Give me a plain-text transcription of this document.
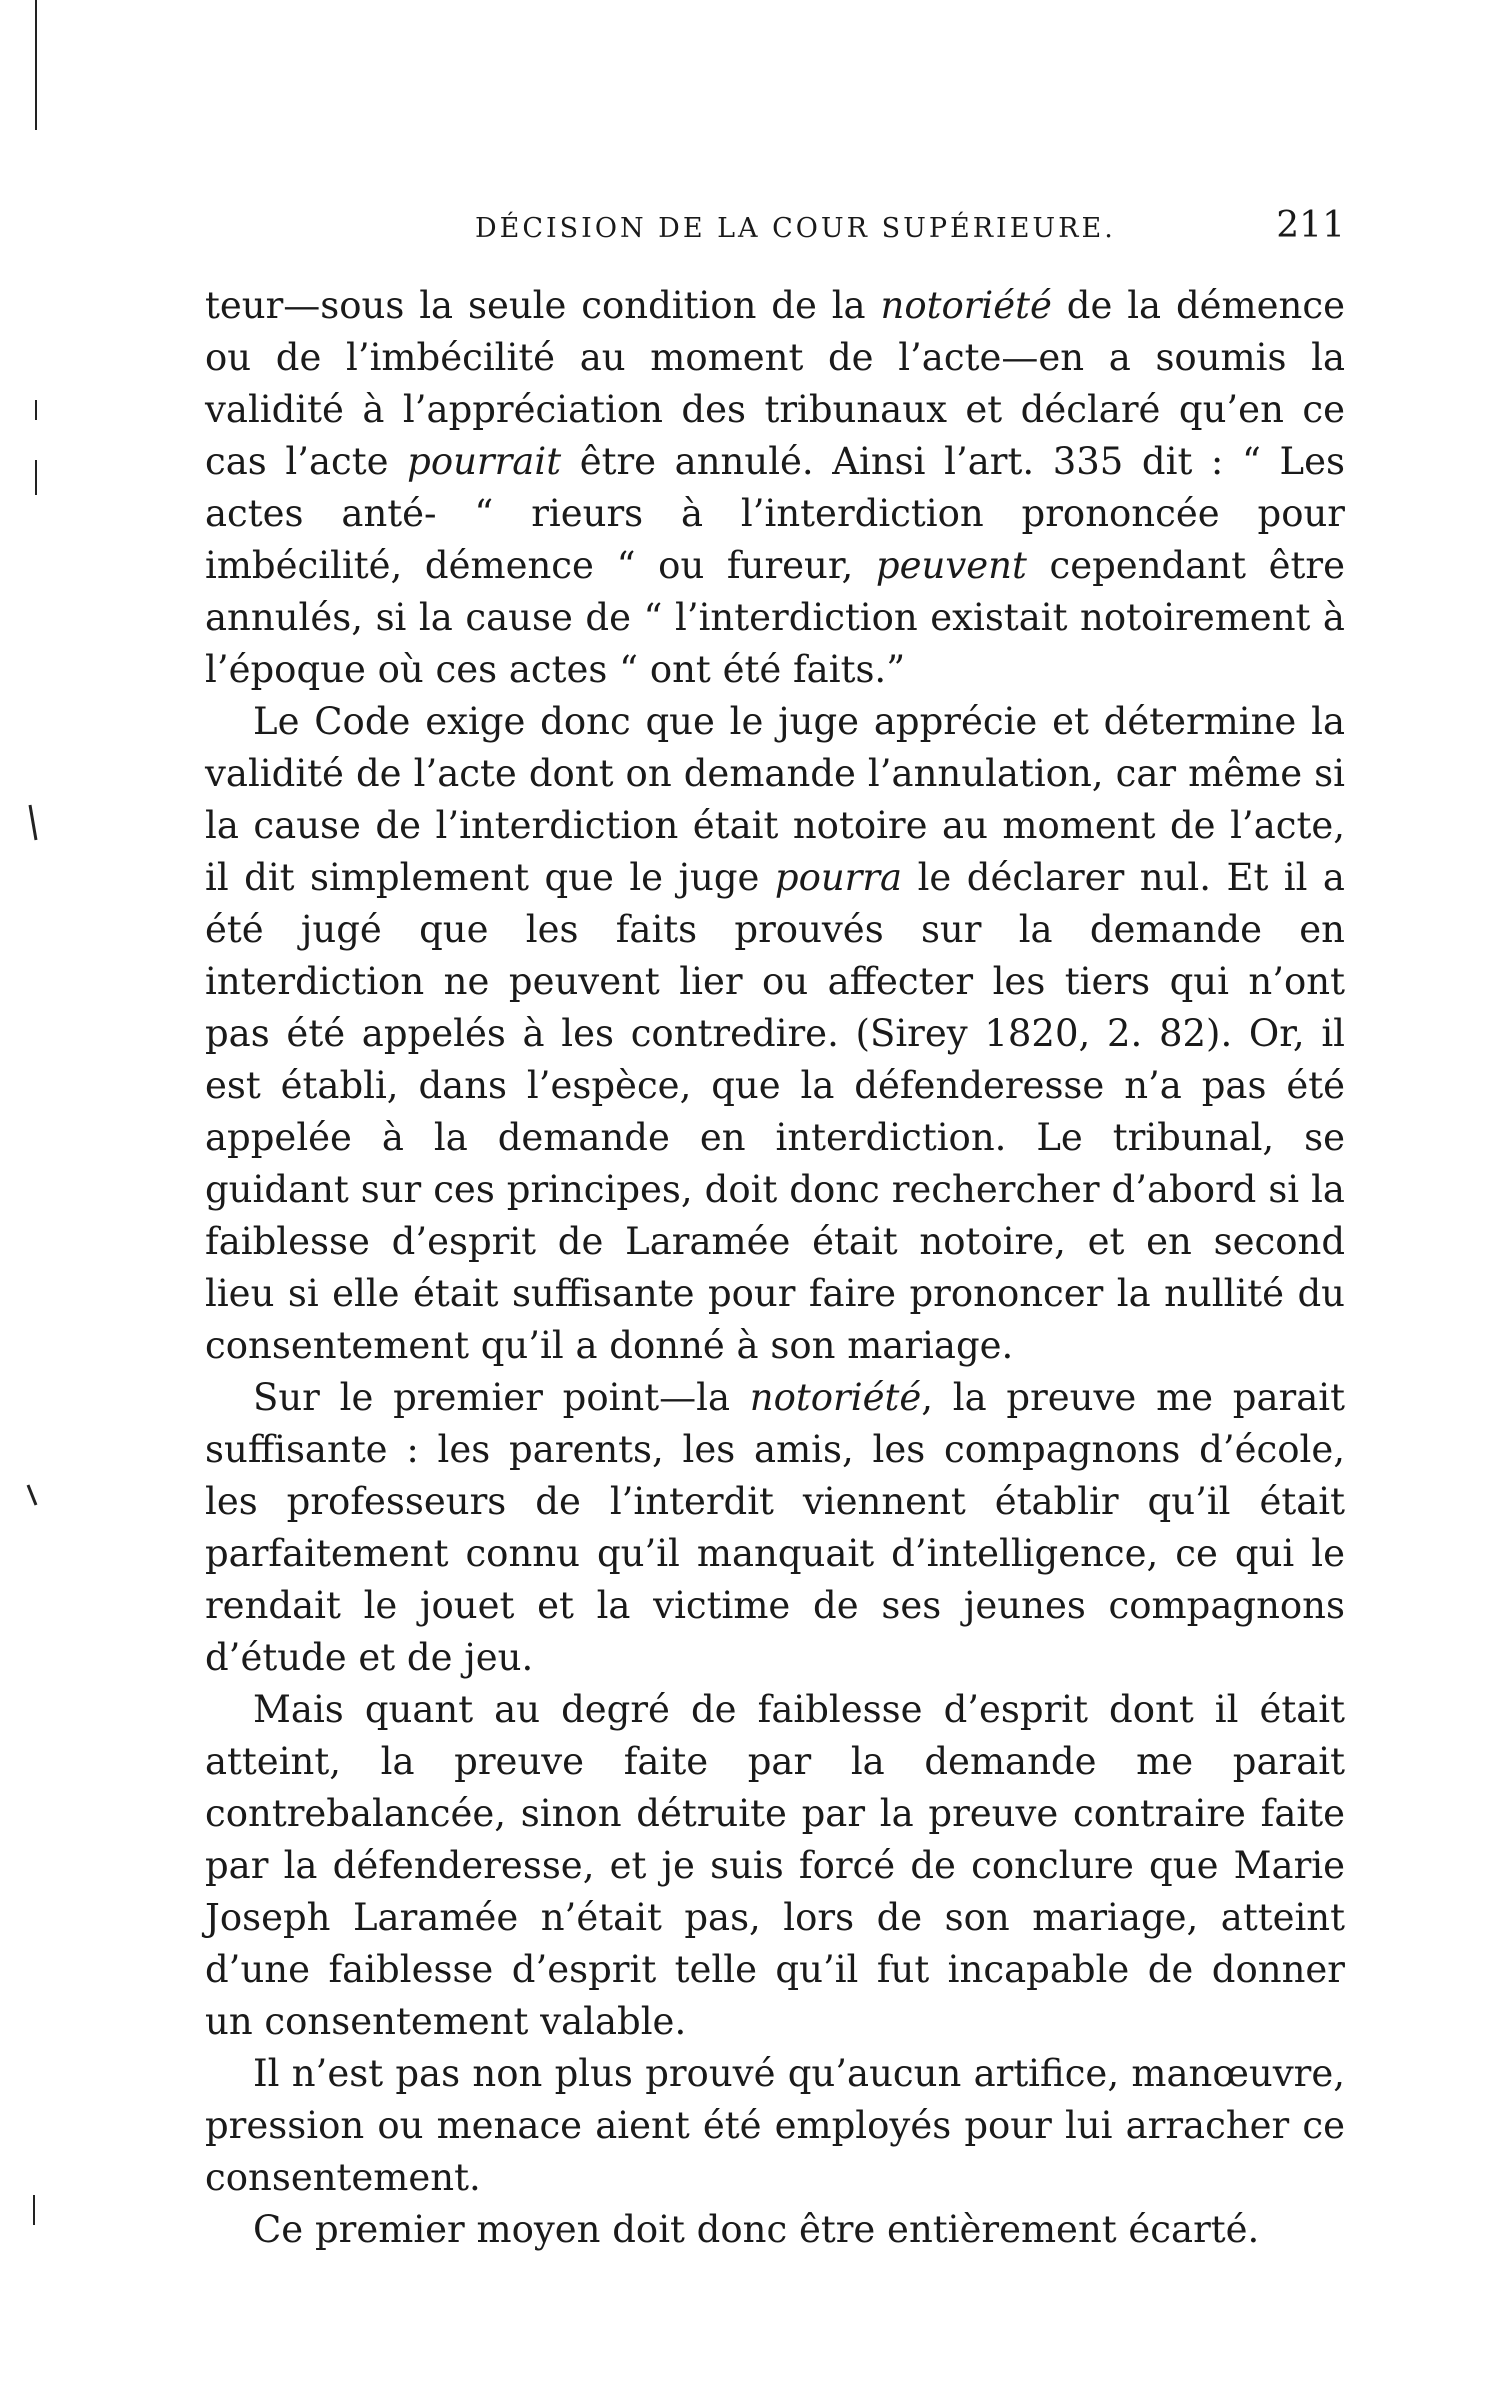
DÉCISION DE LA COUR SUPÉRIEURE.	211

teur—sous la seule condition de la notoriété de la démence ou de l’imbécilité au moment de l’acte—en a soumis la validité à l’appréciation des tribunaux et déclaré qu’en ce cas l’acte pourrait être annulé. Ainsi l’art. 335 dit : “ Les actes anté- “ rieurs à l’interdiction prononcée pour imbécilité, démence “ ou fureur, peuvent cependant être annulés, si la cause de “ l’interdiction existait notoirement à l’époque où ces actes “ ont été faits.”

Le Code exige donc que le juge apprécie et détermine la validité de l’acte dont on demande l’annulation, car même si la cause de l’interdiction était notoire au moment de l’acte, il dit simplement que le juge pourra le déclarer nul. Et il a été jugé que les faits prouvés sur la demande en interdiction ne peuvent lier ou affecter les tiers qui n’ont pas été appelés à les contredire. (Sirey 1820, 2. 82). Or, il est établi, dans l’espèce, que la défenderesse n’a pas été appelée à la demande en interdiction. Le tribunal, se guidant sur ces principes, doit donc rechercher d’abord si la faiblesse d’esprit de Laramée était notoire, et en second lieu si elle était suffisante pour faire prononcer la nullité du consentement qu’il a donné à son mariage.

Sur le premier point—la notoriété, la preuve me parait suffisante : les parents, les amis, les compagnons d’école, les professeurs de l’interdit viennent établir qu’il était parfaitement connu qu’il manquait d’intelligence, ce qui le rendait le jouet et la victime de ses jeunes compagnons d’étude et de jeu.

Mais quant au degré de faiblesse d’esprit dont il était atteint, la preuve faite par la demande me parait contrebalancée, sinon détruite par la preuve contraire faite par la défenderesse, et je suis forcé de conclure que Marie Joseph Laramée n’était pas, lors de son mariage, atteint d’une faiblesse d’esprit telle qu’il fut incapable de donner un consentement valable.

Il n’est pas non plus prouvé qu’aucun artifice, manœuvre, pression ou menace aient été employés pour lui arracher ce consentement.

Ce premier moyen doit donc être entièrement écarté.
